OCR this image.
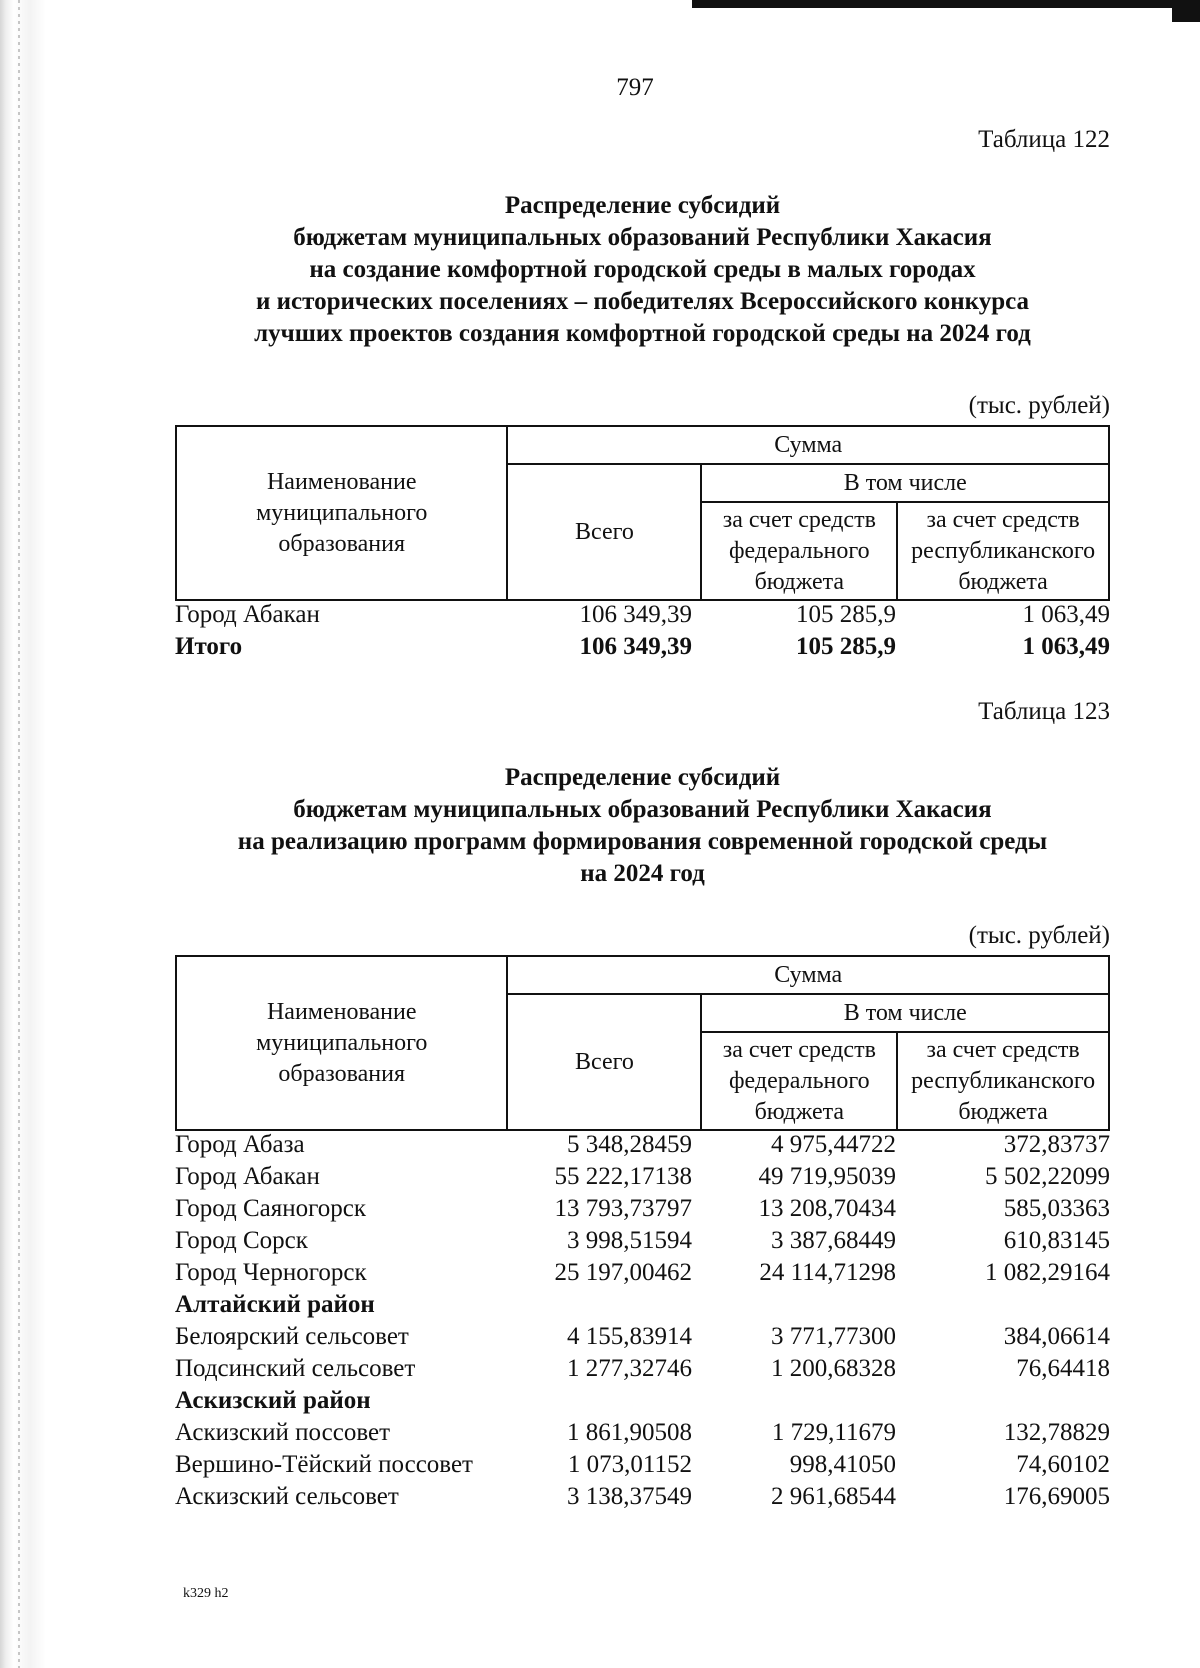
797
Таблица 122
Распределение субсидий
бюджетам муниципальных образований Республики Хакасия
на создание комфортной городской среды в малых городах
и исторических поселениях – победителях Всероссийского конкурса
лучших проектов создания комфортной городской среды на 2024 год
(тыс. рублей)
Наименование муниципального образования	Сумма		
	Всего	В том числе	
		за счет средств федерального бюджета	за счет средств республиканского бюджета
Город Абакан	106 349,39	105 285,9	1 063,49
Итого	106 349,39	105 285,9	1 063,49
Таблица 123
Распределение субсидий
бюджетам муниципальных образований Республики Хакасия
на реализацию программ формирования современной городской среды
на 2024 год
(тыс. рублей)
Наименование муниципального образования	Сумма		
	Всего	В том числе	
		за счет средств федерального бюджета	за счет средств республиканского бюджета
Город Абаза	5 348,28459	4 975,44722	372,83737
Город Абакан	55 222,17138	49 719,95039	5 502,22099
Город Саяногорск	13 793,73797	13 208,70434	585,03363
Город Сорск	3 998,51594	3 387,68449	610,83145
Город Черногорск	25 197,00462	24 114,71298	1 082,29164
Алтайский район
Белоярский сельсовет	4 155,83914	3 771,77300	384,06614
Подсинский сельсовет	1 277,32746	1 200,68328	76,64418
Аскизский район
Аскизский поссовет	1 861,90508	1 729,11679	132,78829
Вершино-Тёйский поссовет	1 073,01152	998,41050	74,60102
Аскизский сельсовет	3 138,37549	2 961,68544	176,69005
k329 h2
